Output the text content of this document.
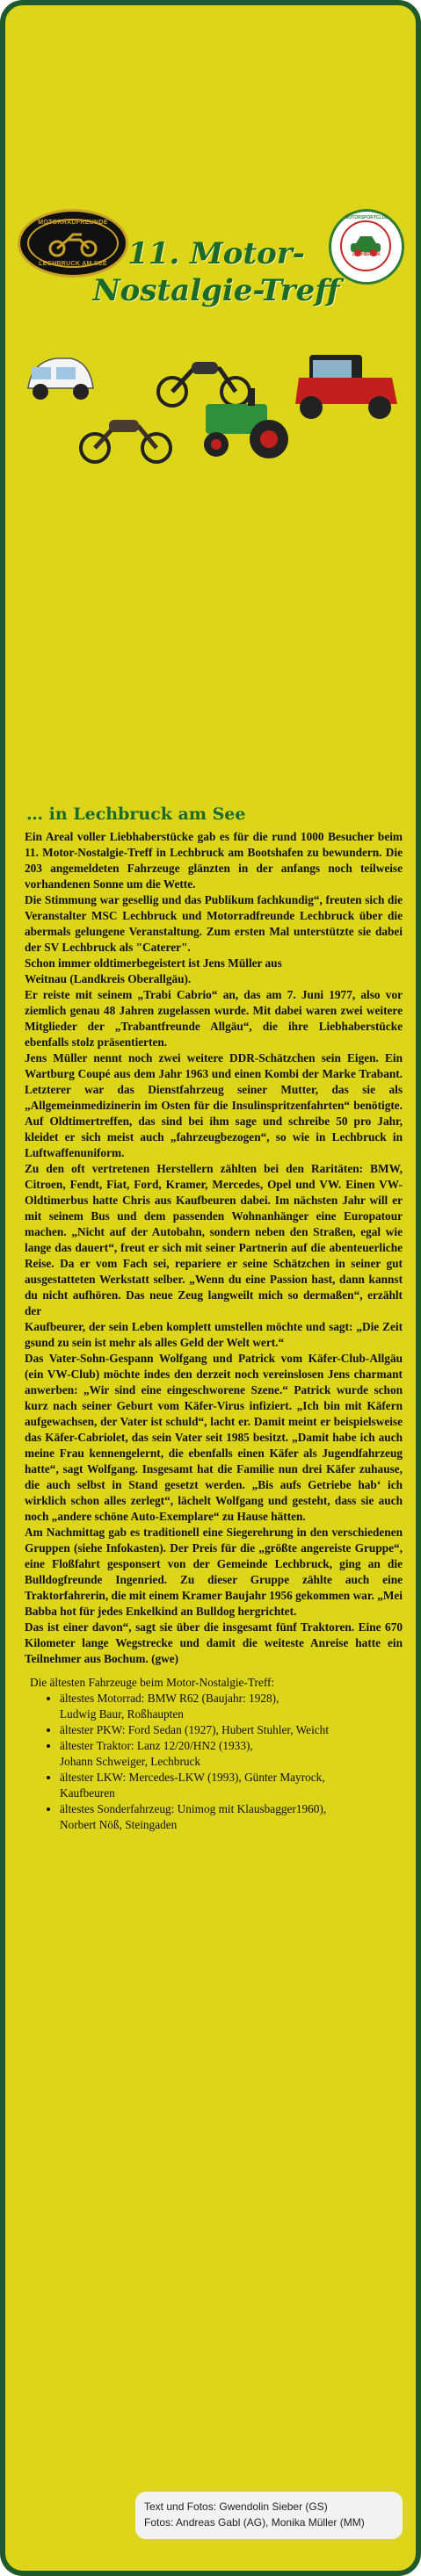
MOTORRADFREUNDE
LECHBRUCK AM SEE 11. Motor-
Nostalgie-Treff
MOTORSPORTCLUB
LECHBRUCK
… in Lechbruck am See

Ein Areal voller Liebhaberstücke gab es für die rund 1000 Besucher beim 11. Motor-Nostalgie-Treff in Lechbruck am Bootshafen zu bewundern. Die 203 angemeldeten Fahrzeuge glänzten in der anfangs noch teilweise vorhandenen Sonne um die Wette.

Die Stimmung war gesellig und das Publikum fachkundig“, freuten sich die Veranstalter MSC Lechbruck und Motorradfreunde Lechbruck über die abermals gelungene Veranstaltung. Zum ersten Mal unterstützte sie dabei der SV Lechbruck als "Caterer".

Schon immer oldtimerbegeistert ist Jens Müller aus

Weitnau (Landkreis Oberallgäu).

Er reiste mit seinem „Trabi Cabrio“ an, das am 7. Juni 1977, also vor ziemlich genau 48 Jahren zugelassen wurde. Mit dabei waren zwei weitere Mitglieder der „Trabantfreunde Allgäu“, die ihre Liebhaberstücke ebenfalls stolz präsentierten.

Jens Müller nennt noch zwei weitere DDR-Schätzchen sein Eigen. Ein Wartburg Coupé aus dem Jahr 1963 und einen Kombi der Marke Trabant. Letzterer war das Dienstfahrzeug seiner Mutter, das sie als „Allgemeinmedizinerin im Osten für die Insulinspritzenfahrten“ benötigte. Auf Oldtimertreffen, das sind bei ihm sage und schreibe 50 pro Jahr, kleidet er sich meist auch „fahrzeugbezogen“, so wie in Lechbruck in Luftwaffenuniform.

Zu den oft vertretenen Herstellern zählten bei den Raritäten: BMW, Citroen, Fendt, Fiat, Ford, Kramer, Mercedes, Opel und VW. Einen VW-Oldtimerbus hatte Chris aus Kaufbeuren dabei. Im nächsten Jahr will er mit seinem Bus und dem passenden Wohnanhänger eine Europatour machen. „Nicht auf der Autobahn, sondern neben den Straßen, egal wie lange das dauert“, freut er sich mit seiner Partnerin auf die abenteuerliche Reise. Da er vom Fach sei, repariere er seine Schätzchen in seiner gut ausgestatteten Werkstatt selber. „Wenn du eine Passion hast, dann kannst du nicht aufhören. Das neue Zeug langweilt mich so dermaßen“, erzählt der

Kaufbeurer, der sein Leben komplett umstellen möchte und sagt: „Die Zeit gsund zu sein ist mehr als alles Geld der Welt wert.“

Das Vater-Sohn-Gespann Wolfgang und Patrick vom Käfer-Club-Allgäu (ein VW-Club) möchte indes den derzeit noch vereinslosen Jens charmant anwerben: „Wir sind eine eingeschworene Szene.“ Patrick wurde schon kurz nach seiner Geburt vom Käfer-Virus infiziert. „Ich bin mit Käfern aufgewachsen, der Vater ist schuld“, lacht er. Damit meint er beispielsweise das Käfer-Cabriolet, das sein Vater seit 1985 besitzt. „Damit habe ich auch meine Frau kennengelernt, die ebenfalls einen Käfer als Jugendfahrzeug hatte“, sagt Wolfgang. Insgesamt hat die Familie nun drei Käfer zuhause, die auch selbst in Stand gesetzt werden. „Bis aufs Getriebe hab‘ ich wirklich schon alles zerlegt“, lächelt Wolfgang und gesteht, dass sie auch noch „andere schöne Auto-Exemplare“ zu Hause hätten.

Am Nachmittag gab es traditionell eine Siegerehrung in den verschiedenen Gruppen (siehe Infokasten). Der Preis für die „größte angereiste Gruppe“, eine Floßfahrt gesponsert von der Gemeinde Lechbruck, ging an die Bulldogfreunde Ingenried. Zu dieser Gruppe zählte auch eine Traktorfahrerin, die mit einem Kramer Baujahr 1956 gekommen war. „Mei Babba hot für jedes Enkelkind an Bulldog hergrichtet.

Das ist einer davon“, sagt sie über die insgesamt fünf Traktoren. Eine 670 Kilometer lange Wegstrecke und damit die weiteste Anreise hatte ein Teilnehmer aus Bochum. (gwe)

Die ältesten Fahrzeuge beim Motor-Nostalgie-Treff:
• ältestes Motorrad: BMW R62 (Baujahr: 1928),
Ludwig Baur, Roßhaupten
• ältester PKW: Ford Sedan (1927), Hubert Stuhler, Weicht
• ältester Traktor: Lanz 12/20/HN2 (1933),
Johann Schweiger, Lechbruck
• ältester LKW: Mercedes-LKW (1993), Günter Mayrock,
Kaufbeuren
• ältestes Sonderfahrzeug: Unimog mit Klausbagger1960),
Norbert Nöß, Steingaden
Text und Fotos: Gwendolin Sieber (GS)
Fotos: Andreas Gabl (AG), Monika Müller (MM)
